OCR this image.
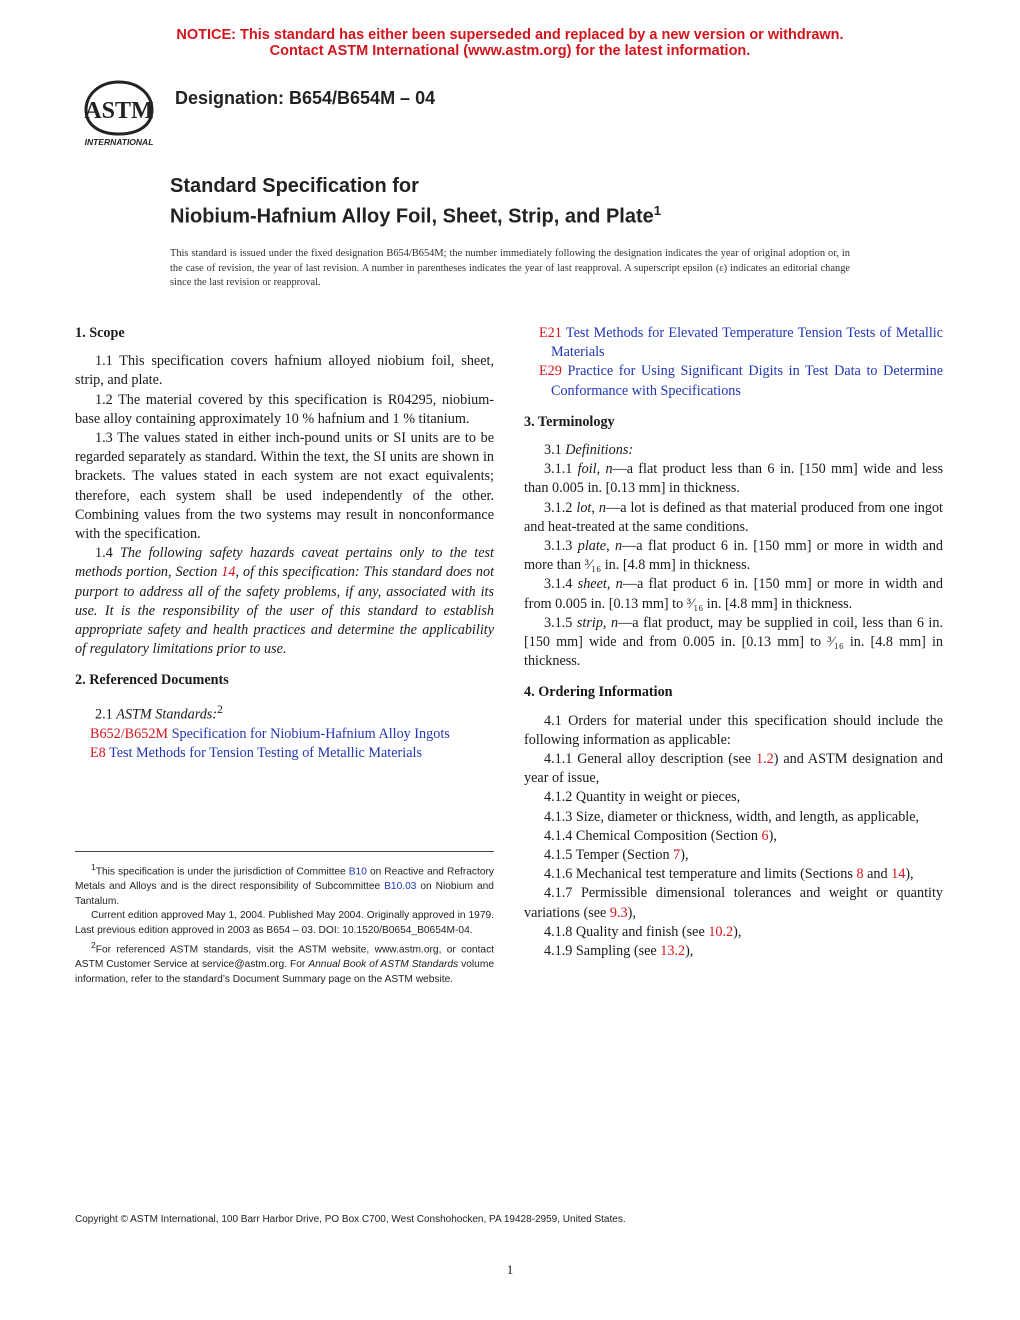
NOTICE: This standard has either been superseded and replaced by a new version or withdrawn.
Contact ASTM International (www.astm.org) for the latest information.
ASTM
INTERNATIONAL
Designation: B654/B654M – 04
Standard Specification for
Niobium-Hafnium Alloy Foil, Sheet, Strip, and Plate$^1$
This standard is issued under the fixed designation B654/B654M; the number immediately following the designation indicates the year of original adoption or, in the case of revision, the year of last revision. A number in parentheses indicates the year of last reapproval. A superscript epsilon (ε) indicates an editorial change since the last revision or reapproval.

1. Scope

1.1 This specification covers hafnium alloyed niobium foil, sheet, strip, and plate.

1.2 The material covered by this specification is R04295, niobium-base alloy containing approximately 10 % hafnium and 1 % titanium.

1.3 The values stated in either inch-pound units or SI units are to be regarded separately as standard. Within the text, the SI units are shown in brackets. The values stated in each system are not exact equivalents; therefore, each system shall be used independently of the other. Combining values from the two systems may result in nonconformance with the specification.

1.4 The following safety hazards caveat pertains only to the test methods portion, Section 14, of this specification: This standard does not purport to address all of the safety problems, if any, associated with its use. It is the responsibility of the user of this standard to establish appropriate safety and health practices and determine the applicability of regulatory limitations prior to use.

2. Referenced Documents

2.1 ASTM Standards:$^2$

B652/B652M Specification for Niobium-Hafnium Alloy Ingots

E8 Test Methods for Tension Testing of Metallic Materials

$^1$This specification is under the jurisdiction of Committee B10 on Reactive and Refractory Metals and Alloys and is the direct responsibility of Subcommittee B10.03 on Niobium and Tantalum.
Current edition approved May 1, 2004. Published May 2004. Originally approved in 1979. Last previous edition approved in 2003 as B654 – 03. DOI: 10.1520/B0654_B0654M-04.
$^2$For referenced ASTM standards, visit the ASTM website, www.astm.org, or contact ASTM Customer Service at service@astm.org. For Annual Book of ASTM Standards volume information, refer to the standard’s Document Summary page on the ASTM website.

E21 Test Methods for Elevated Temperature Tension Tests of Metallic Materials

E29 Practice for Using Significant Digits in Test Data to Determine Conformance with Specifications

3. Terminology

3.1 Definitions:

3.1.1 foil, n—a flat product less than 6 in. [150 mm] wide and less than 0.005 in. [0.13 mm] in thickness.

3.1.2 lot, n—a lot is defined as that material produced from one ingot and heat-treated at the same conditions.

3.1.3 plate, n—a flat product 6 in. [150 mm] or more in width and more than ³⁄₁₆ in. [4.8 mm] in thickness.

3.1.4 sheet, n—a flat product 6 in. [150 mm] or more in width and from 0.005 in. [0.13 mm] to ³⁄₁₆ in. [4.8 mm] in thickness.

3.1.5 strip, n—a flat product, may be supplied in coil, less than 6 in. [150 mm] wide and from 0.005 in. [0.13 mm] to ³⁄₁₆ in. [4.8 mm] in thickness.

4. Ordering Information

4.1 Orders for material under this specification should include the following information as applicable:

4.1.1 General alloy description (see 1.2) and ASTM designation and year of issue,

4.1.2 Quantity in weight or pieces,

4.1.3 Size, diameter or thickness, width, and length, as applicable,

4.1.4 Chemical Composition (Section 6),

4.1.5 Temper (Section 7),

4.1.6 Mechanical test temperature and limits (Sections 8 and 14),

4.1.7 Permissible dimensional tolerances and weight or quantity variations (see 9.3),

4.1.8 Quality and finish (see 10.2),

4.1.9 Sampling (see 13.2),

Copyright © ASTM International, 100 Barr Harbor Drive, PO Box C700, West Conshohocken, PA 19428-2959, United States.
1
